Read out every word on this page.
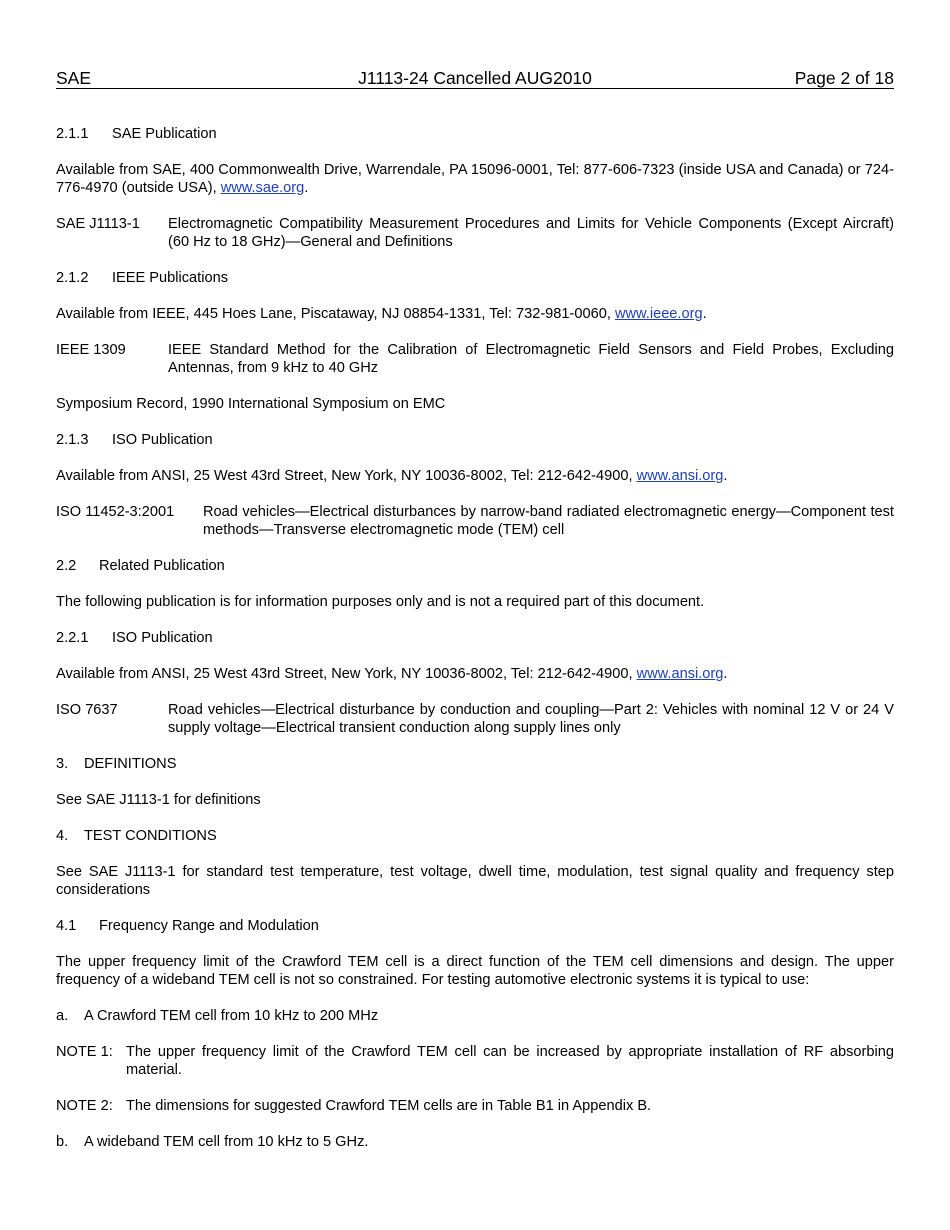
SAE	J1113-24 Cancelled AUG2010	Page 2 of 18
2.1.1 SAE Publication

Available from SAE, 400 Commonwealth Drive, Warrendale, PA 15096-0001, Tel: 877-606-7323 (inside USA and Canada) or 724-776-4970 (outside USA), www.sae.org.

SAE J1113-1	Electromagnetic Compatibility Measurement Procedures and Limits for Vehicle Components (Except Aircraft) (60 Hz to 18 GHz)—General and Definitions
2.1.2 IEEE Publications

Available from IEEE, 445 Hoes Lane, Piscataway, NJ 08854-1331, Tel: 732-981-0060, www.ieee.org.

IEEE 1309	IEEE Standard Method for the Calibration of Electromagnetic Field Sensors and Field Probes, Excluding Antennas, from 9 kHz to 40 GHz

Symposium Record, 1990 International Symposium on EMC

2.1.3 ISO Publication

Available from ANSI, 25 West 43rd Street, New York, NY 10036-8002, Tel: 212-642-4900, www.ansi.org.

ISO 11452-3:2001	Road vehicles—Electrical disturbances by narrow-band radiated electromagnetic energy—Component test methods—Transverse electromagnetic mode (TEM) cell
2.2 Related Publication

The following publication is for information purposes only and is not a required part of this document.

2.2.1 ISO Publication

Available from ANSI, 25 West 43rd Street, New York, NY 10036-8002, Tel: 212-642-4900, www.ansi.org.

ISO 7637	Road vehicles—Electrical disturbance by conduction and coupling—Part 2: Vehicles with nominal 12 V or 24 V supply voltage—Electrical transient conduction along supply lines only
3. DEFINITIONS

See SAE J1113-1 for definitions

4. TEST CONDITIONS

See SAE J1113-1 for standard test temperature, test voltage, dwell time, modulation, test signal quality and frequency step considerations

4.1 Frequency Range and Modulation

The upper frequency limit of the Crawford TEM cell is a direct function of the TEM cell dimensions and design. The upper frequency of a wideband TEM cell is not so constrained. For testing automotive electronic systems it is typical to use:

a. A Crawford TEM cell from 10 kHz to 200 MHz
NOTE 1: The upper frequency limit of the Crawford TEM cell can be increased by appropriate installation of RF absorbing material.
NOTE 2: The dimensions for suggested Crawford TEM cells are in Table B1 in Appendix B.
b. A wideband TEM cell from 10 kHz to 5 GHz.
